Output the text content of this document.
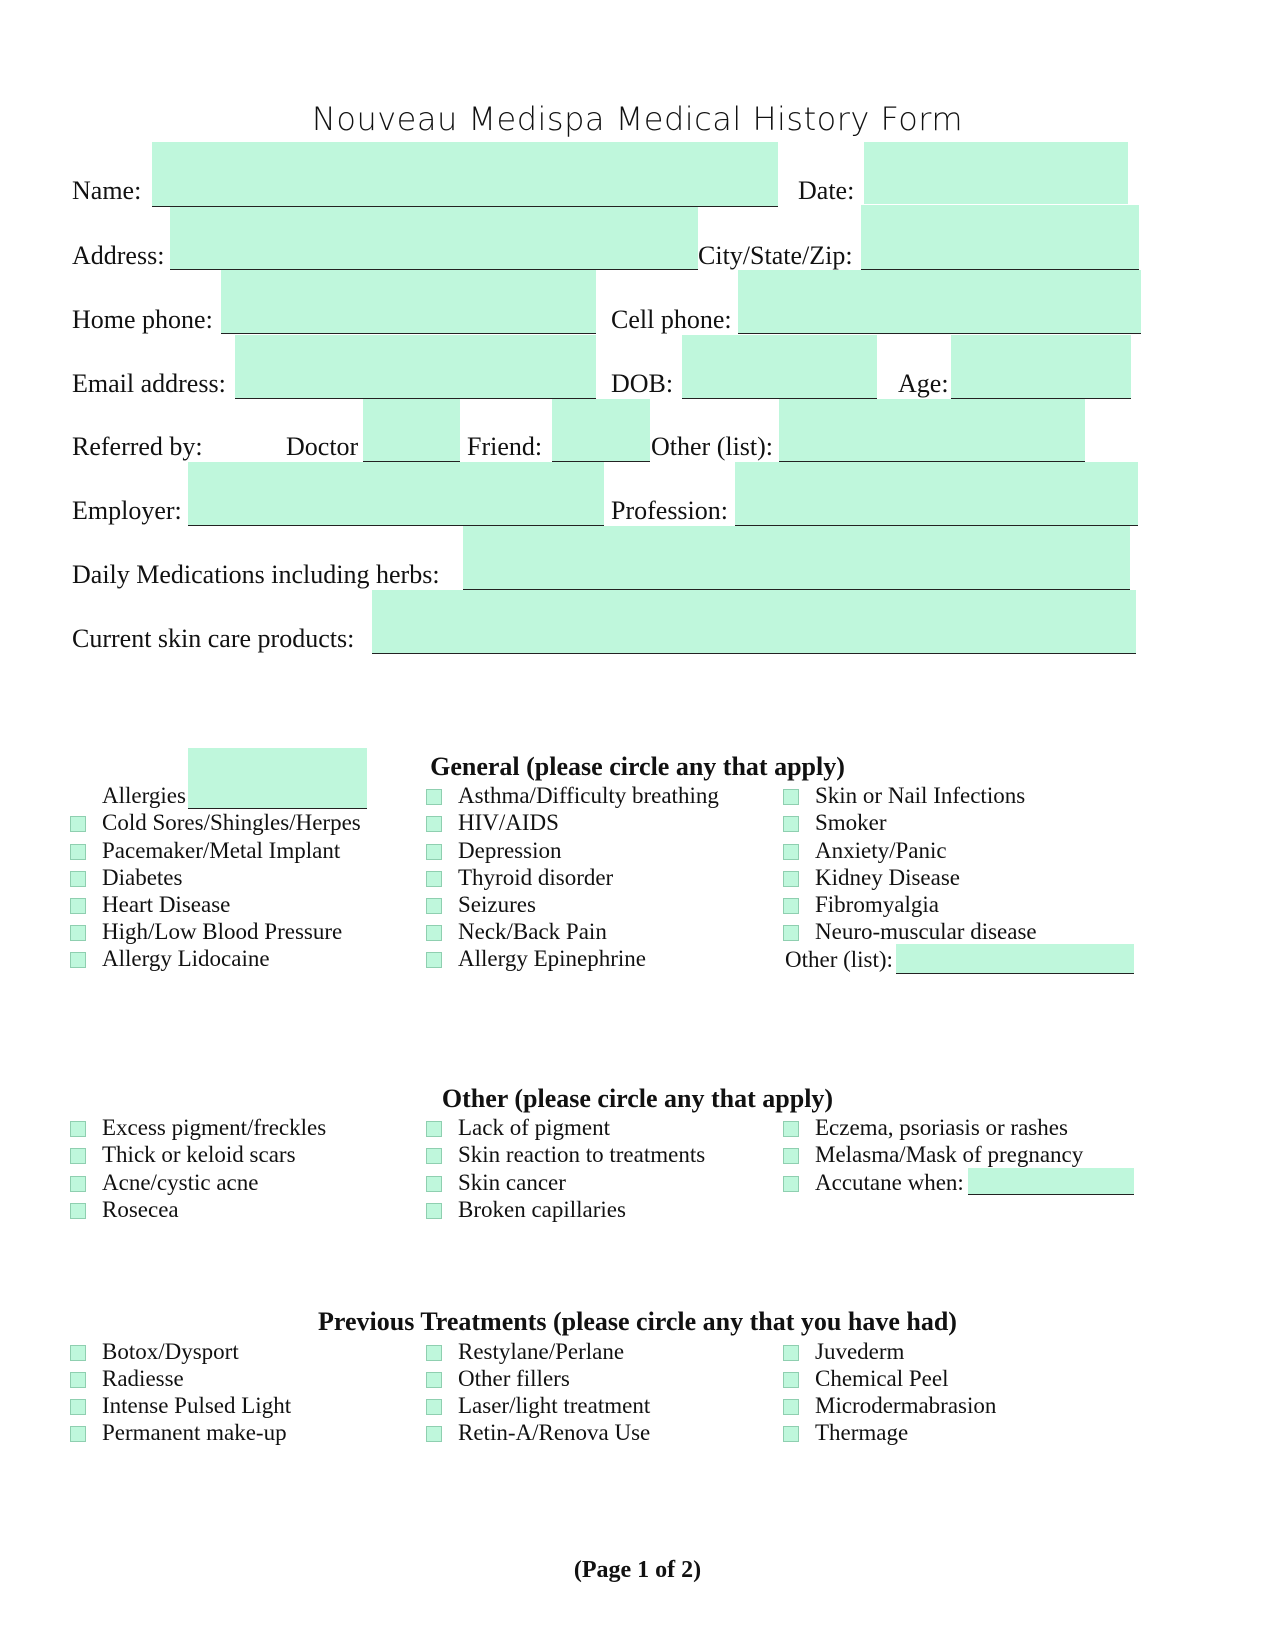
Nouveau Medispa Medical History Form
Name:	Date:
Address:	City/State/Zip:
Home phone:	Cell phone:
Email address:	DOB:	Age:
Referred by:	Doctor	Friend:	Other (list):
Employer:	Profession:
Daily Medications including herbs:
Current skin care products:
General (please circle any that apply)
Allergies
Cold Sores/Shingles/Herpes
Pacemaker/Metal Implant
Diabetes
Heart Disease
High/Low Blood Pressure
Allergy Lidocaine
Asthma/Difficulty breathing
HIV/AIDS
Depression
Thyroid disorder
Seizures
Neck/Back Pain
Allergy Epinephrine
Skin or Nail Infections
Smoker
Anxiety/Panic
Kidney Disease
Fibromyalgia
Neuro-muscular disease
Other (list):
Other (please circle any that apply)
Excess pigment/freckles
Thick or keloid scars
Acne/cystic acne
Rosecea
Lack of pigment
Skin reaction to treatments
Skin cancer
Broken capillaries
Eczema, psoriasis or rashes
Melasma/Mask of pregnancy
Accutane when:
Previous Treatments (please circle any that you have had)
Botox/Dysport
Radiesse
Intense Pulsed Light
Permanent make-up
Restylane/Perlane
Other fillers
Laser/light treatment
Retin-A/Renova Use
Juvederm
Chemical Peel
Microdermabrasion
Thermage
(Page 1 of 2)
